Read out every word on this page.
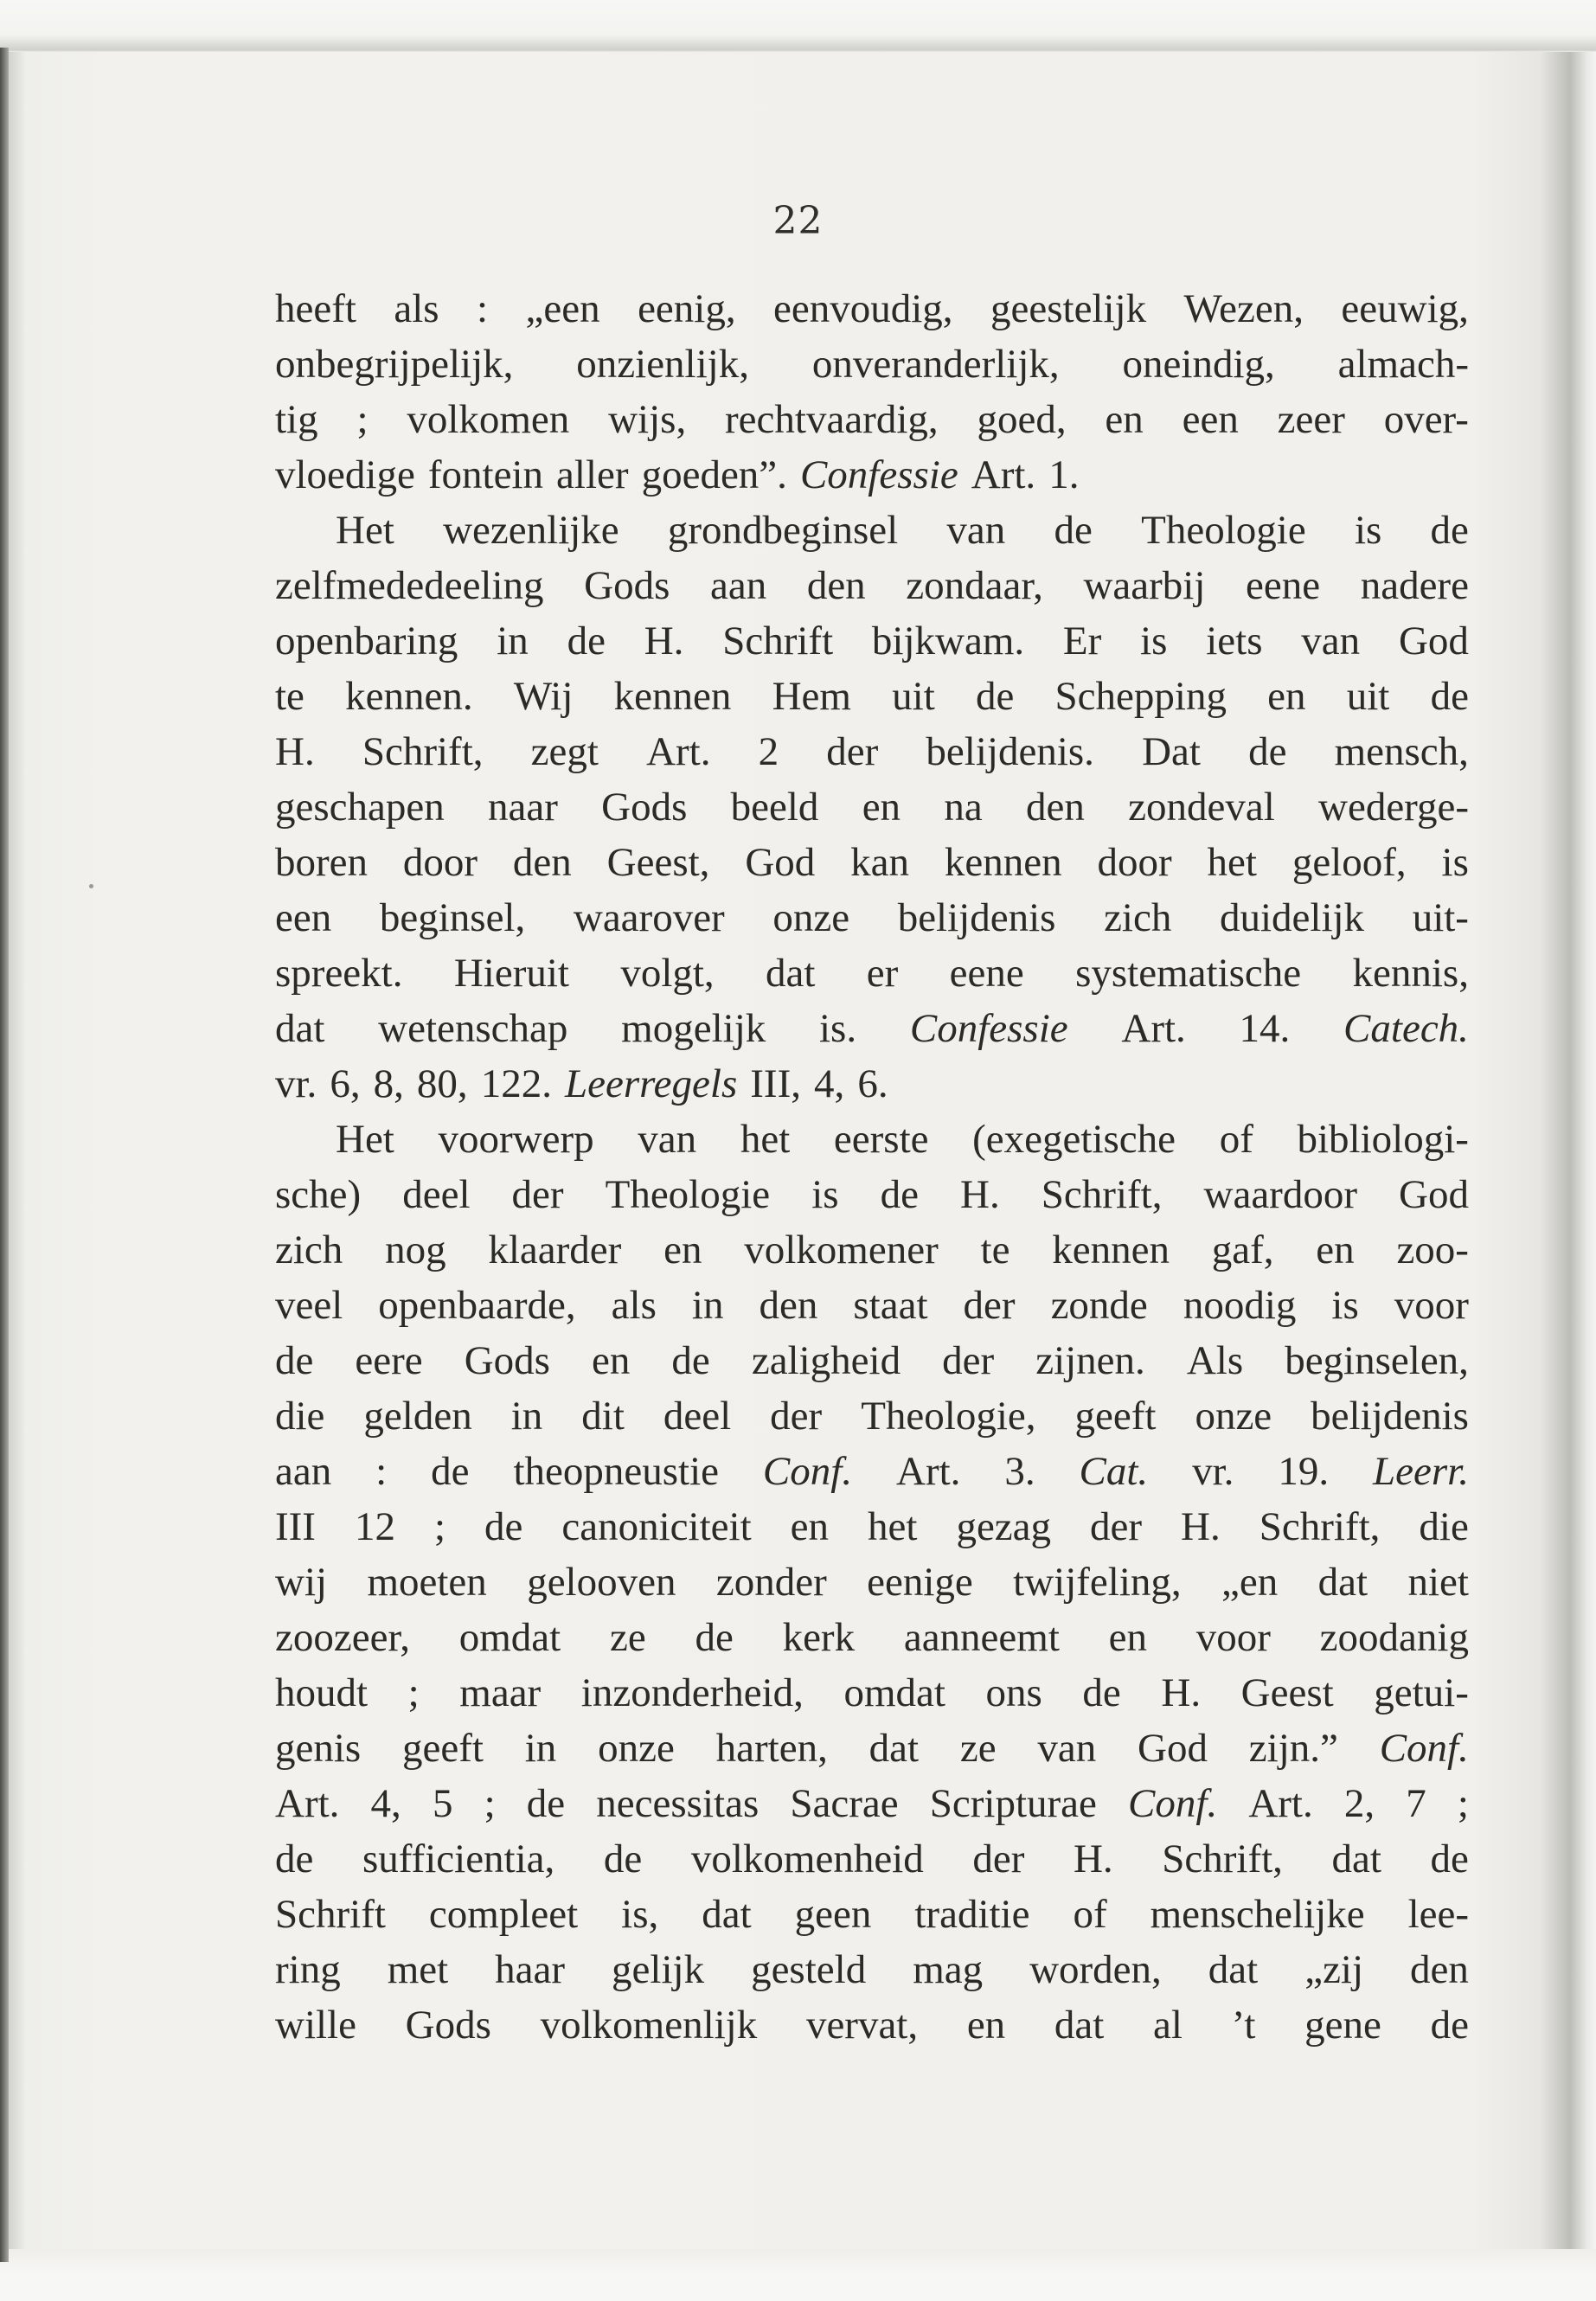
22
heeft als : „een eenig, eenvoudig, geestelijk Wezen, eeuwig,
onbegrijpelijk, onzienlijk, onveranderlijk, oneindig, almach-
tig ; volkomen wijs, rechtvaardig, goed, en een zeer over-
vloedige fontein aller goeden”. Confessie Art. 1.
Het wezenlijke grondbeginsel van de Theologie is de
zelfmededeeling Gods aan den zondaar, waarbij eene nadere
openbaring in de H. Schrift bijkwam. Er is iets van God
te kennen. Wij kennen Hem uit de Schepping en uit de
H. Schrift, zegt Art. 2 der belijdenis. Dat de mensch,
geschapen naar Gods beeld en na den zondeval wederge-
boren door den Geest, God kan kennen door het geloof, is
een beginsel, waarover onze belijdenis zich duidelijk uit-
spreekt. Hieruit volgt, dat er eene systematische kennis,
dat wetenschap mogelijk is. Confessie Art. 14. Catech.
vr. 6, 8, 80, 122. Leerregels III, 4, 6.
Het voorwerp van het eerste (exegetische of bibliologi-
sche) deel der Theologie is de H. Schrift, waardoor God
zich nog klaarder en volkomener te kennen gaf, en zoo-
veel openbaarde, als in den staat der zonde noodig is voor
de eere Gods en de zaligheid der zijnen. Als beginselen,
die gelden in dit deel der Theologie, geeft onze belijdenis
aan : de theopneustie Conf. Art. 3. Cat. vr. 19. Leerr.
III 12 ; de canoniciteit en het gezag der H. Schrift, die
wij moeten gelooven zonder eenige twijfeling, „en dat niet
zoozeer, omdat ze de kerk aanneemt en voor zoodanig
houdt ; maar inzonderheid, omdat ons de H. Geest getui-
genis geeft in onze harten, dat ze van God zijn.” Conf.
Art. 4, 5 ; de necessitas Sacrae Scripturae Conf. Art. 2, 7 ;
de sufficientia, de volkomenheid der H. Schrift, dat de
Schrift compleet is, dat geen traditie of menschelijke lee-
ring met haar gelijk gesteld mag worden, dat „zij den
wille Gods volkomenlijk vervat, en dat al ’t gene de
